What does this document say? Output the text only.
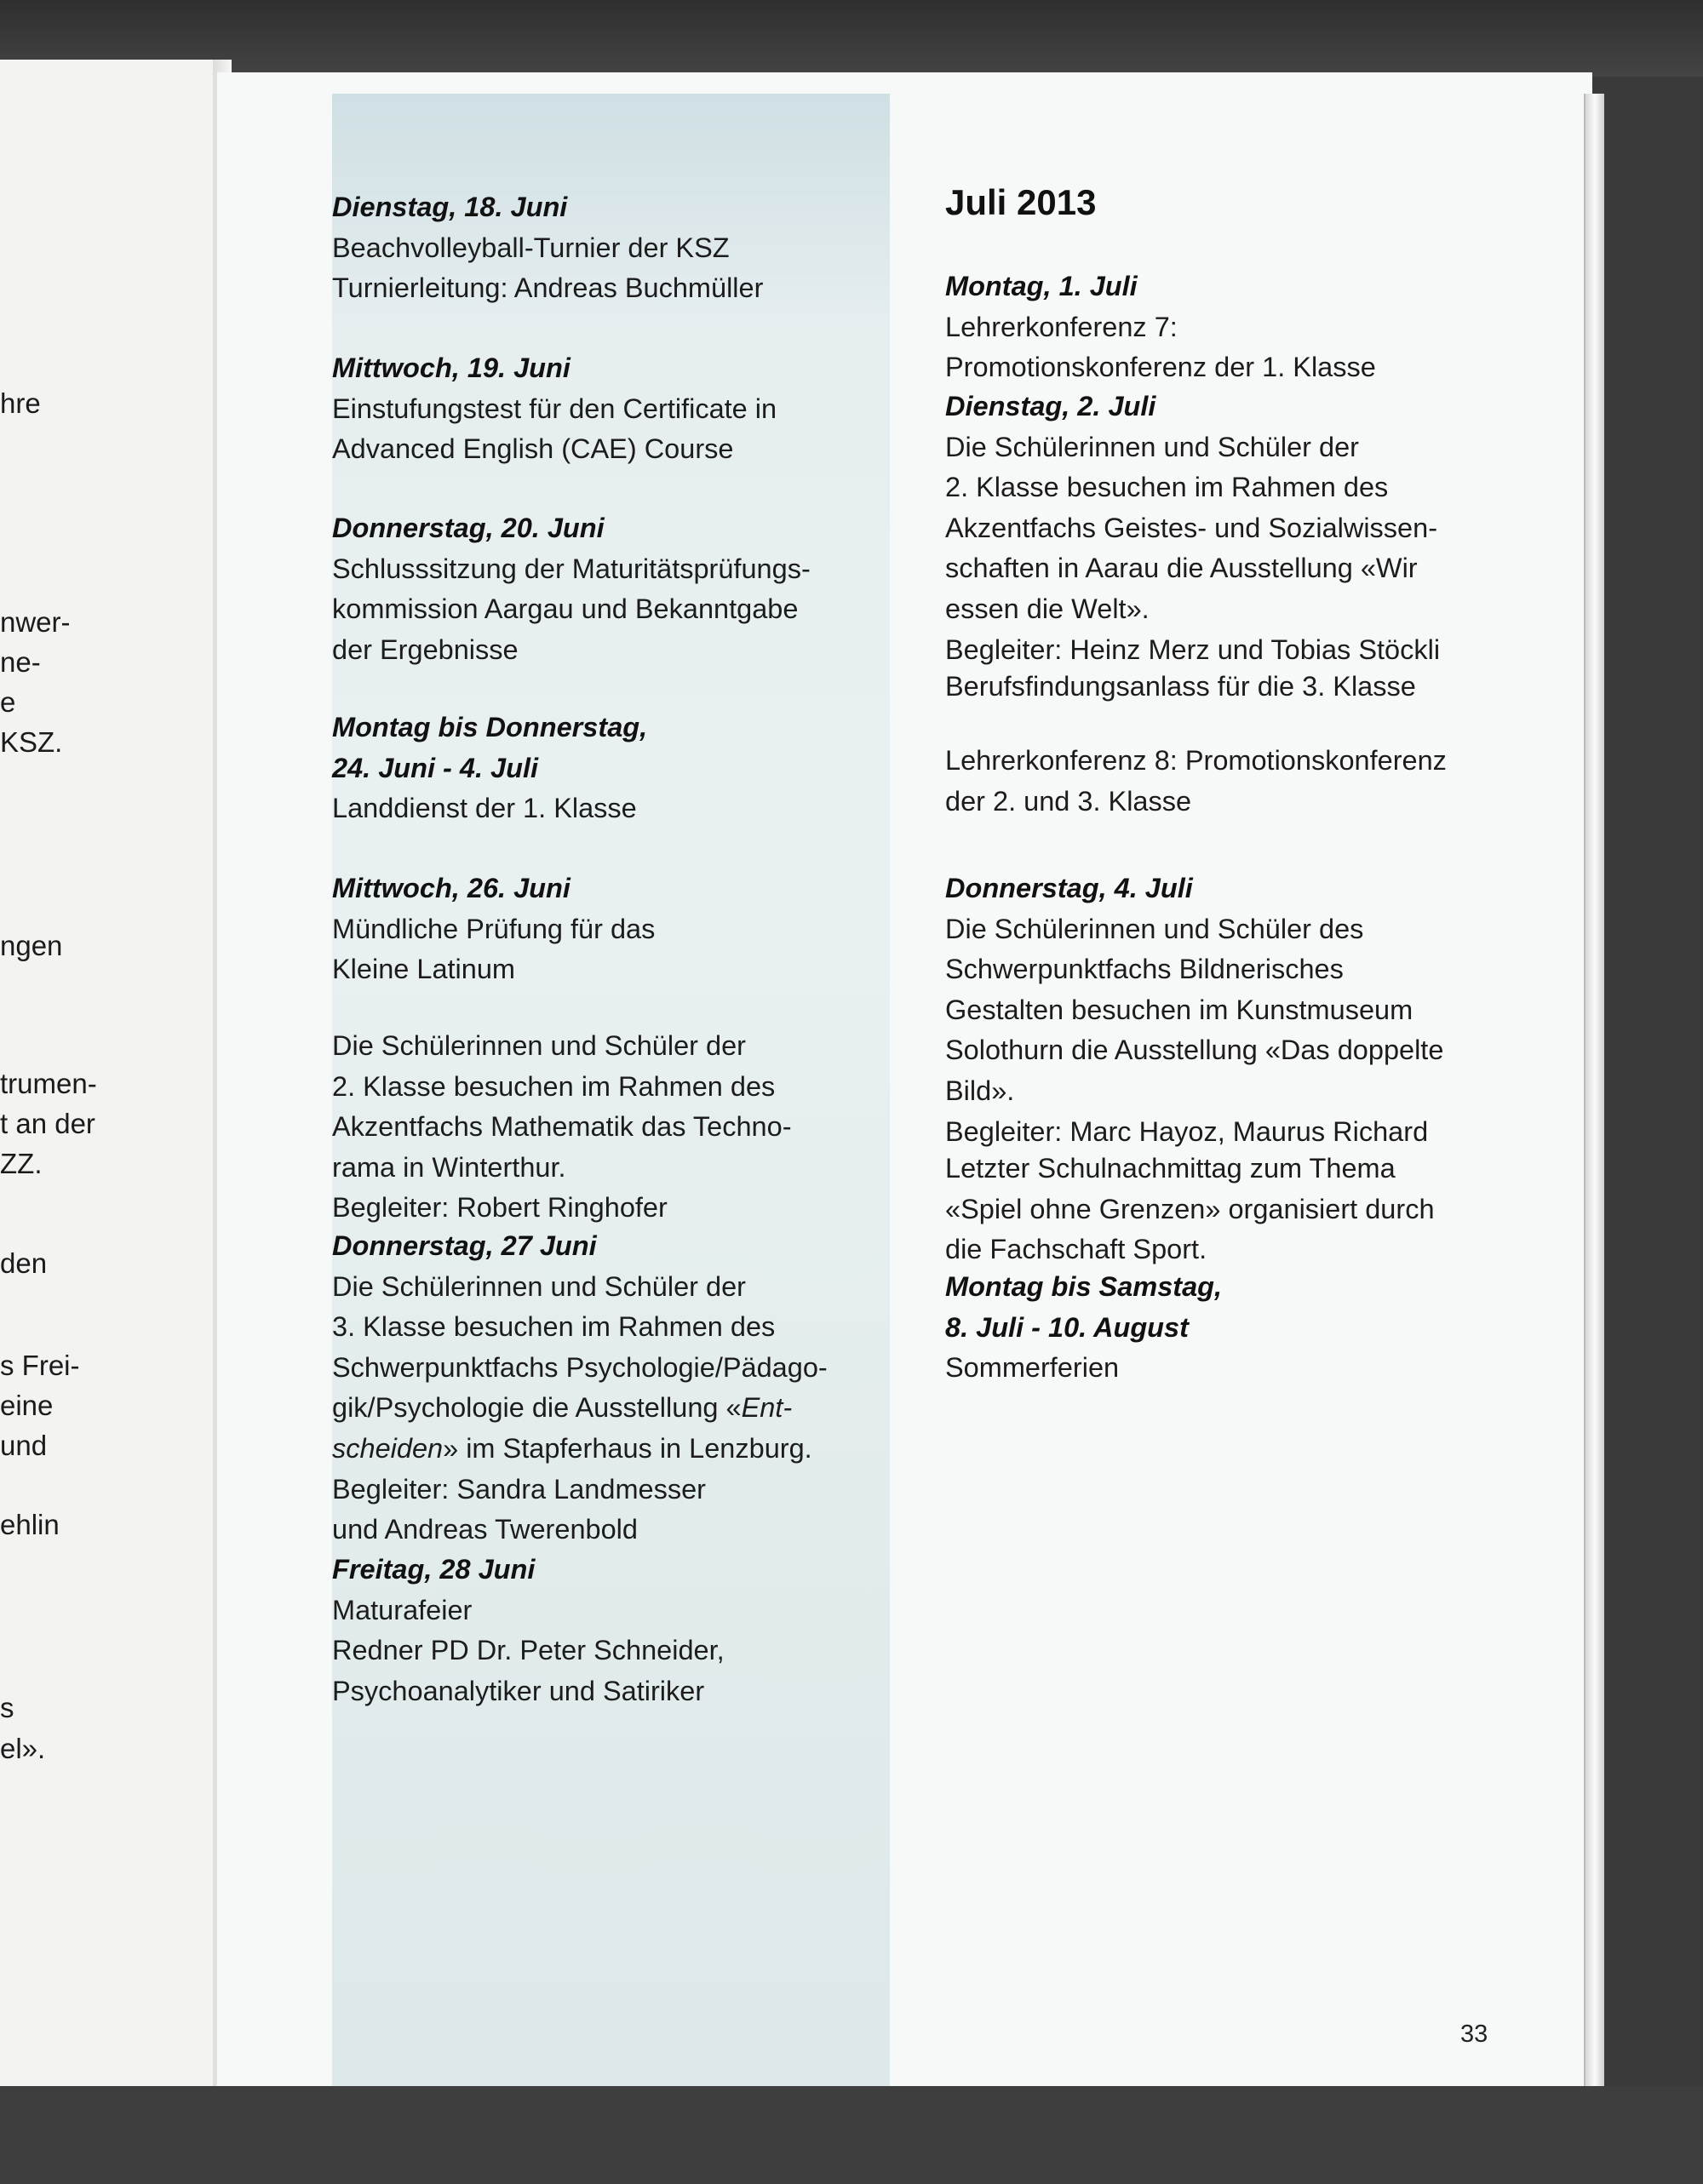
hre
nwer-
ne-
e
KSZ.
ngen
trumen-
t an der
ZZ.
den
s Frei-
eine
und
ehlin
s
el».
Dienstag, 18. Juni
Beachvolleyball-Turnier der KSZ
Turnierleitung: Andreas Buchmüller
Mittwoch, 19. Juni
Einstufungstest für den Certificate in
Advanced English (CAE) Course
Donnerstag, 20. Juni
Schlusssitzung der Maturitätsprüfungs-
kommission Aargau und Bekanntgabe
der Ergebnisse
Montag bis Donnerstag,
24. Juni - 4. Juli
Landdienst der 1. Klasse
Mittwoch, 26. Juni
Mündliche Prüfung für das
Kleine Latinum
Die Schülerinnen und Schüler der
2. Klasse besuchen im Rahmen des
Akzentfachs Mathematik das Techno-
rama in Winterthur.
Begleiter: Robert Ringhofer
Donnerstag, 27 Juni
Die Schülerinnen und Schüler der
3. Klasse besuchen im Rahmen des
Schwerpunktfachs Psychologie/Pädago-
gik/Psychologie die Ausstellung «Ent-
scheiden» im Stapferhaus in Lenzburg.
Begleiter: Sandra Landmesser
und Andreas Twerenbold
Freitag, 28 Juni
Maturafeier
Redner PD Dr. Peter Schneider,
Psychoanalytiker und Satiriker
Juli 2013
Montag, 1. Juli
Lehrerkonferenz 7:
Promotionskonferenz der 1. Klasse
Dienstag, 2. Juli
Die Schülerinnen und Schüler der
2. Klasse besuchen im Rahmen des
Akzentfachs Geistes- und Sozialwissen-
schaften in Aarau die Ausstellung «Wir
essen die Welt».
Begleiter: Heinz Merz und Tobias Stöckli
Berufsfindungsanlass für die 3. Klasse
Lehrerkonferenz 8: Promotionskonferenz
der 2. und 3. Klasse
Donnerstag, 4. Juli
Die Schülerinnen und Schüler des
Schwerpunktfachs Bildnerisches
Gestalten besuchen im Kunstmuseum
Solothurn die Ausstellung «Das doppelte
Bild».
Begleiter: Marc Hayoz, Maurus Richard
Letzter Schulnachmittag zum Thema
«Spiel ohne Grenzen» organisiert durch
die Fachschaft Sport.
Montag bis Samstag,
8. Juli - 10. August
Sommerferien
33
